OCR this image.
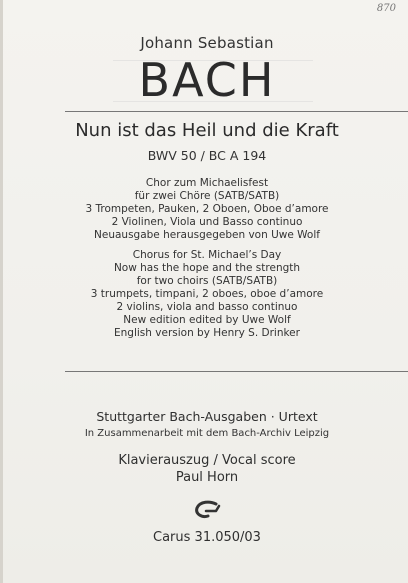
870
Johann Sebastian
BACH
Nun ist das Heil und die Kraft
BWV 50 / BC A 194
Chor zum Michaelisfest
für zwei Chöre (SATB/SATB)
3 Trompeten, Pauken, 2 Oboen, Oboe d’amore
2 Violinen, Viola und Basso continuo
Neuausgabe herausgegeben von Uwe Wolf
Chorus for St. Michael’s Day
Now has the hope and the strength
for two choirs (SATB/SATB)
3 trumpets, timpani, 2 oboes, oboe d’amore
2 violins, viola and basso continuo
New edition edited by Uwe Wolf
English version by Henry S. Drinker
Stuttgarter Bach-Ausgaben · Urtext
In Zusammenarbeit mit dem Bach-Archiv Leipzig
Klavierauszug / Vocal score
Paul Horn
Carus 31.050/03
